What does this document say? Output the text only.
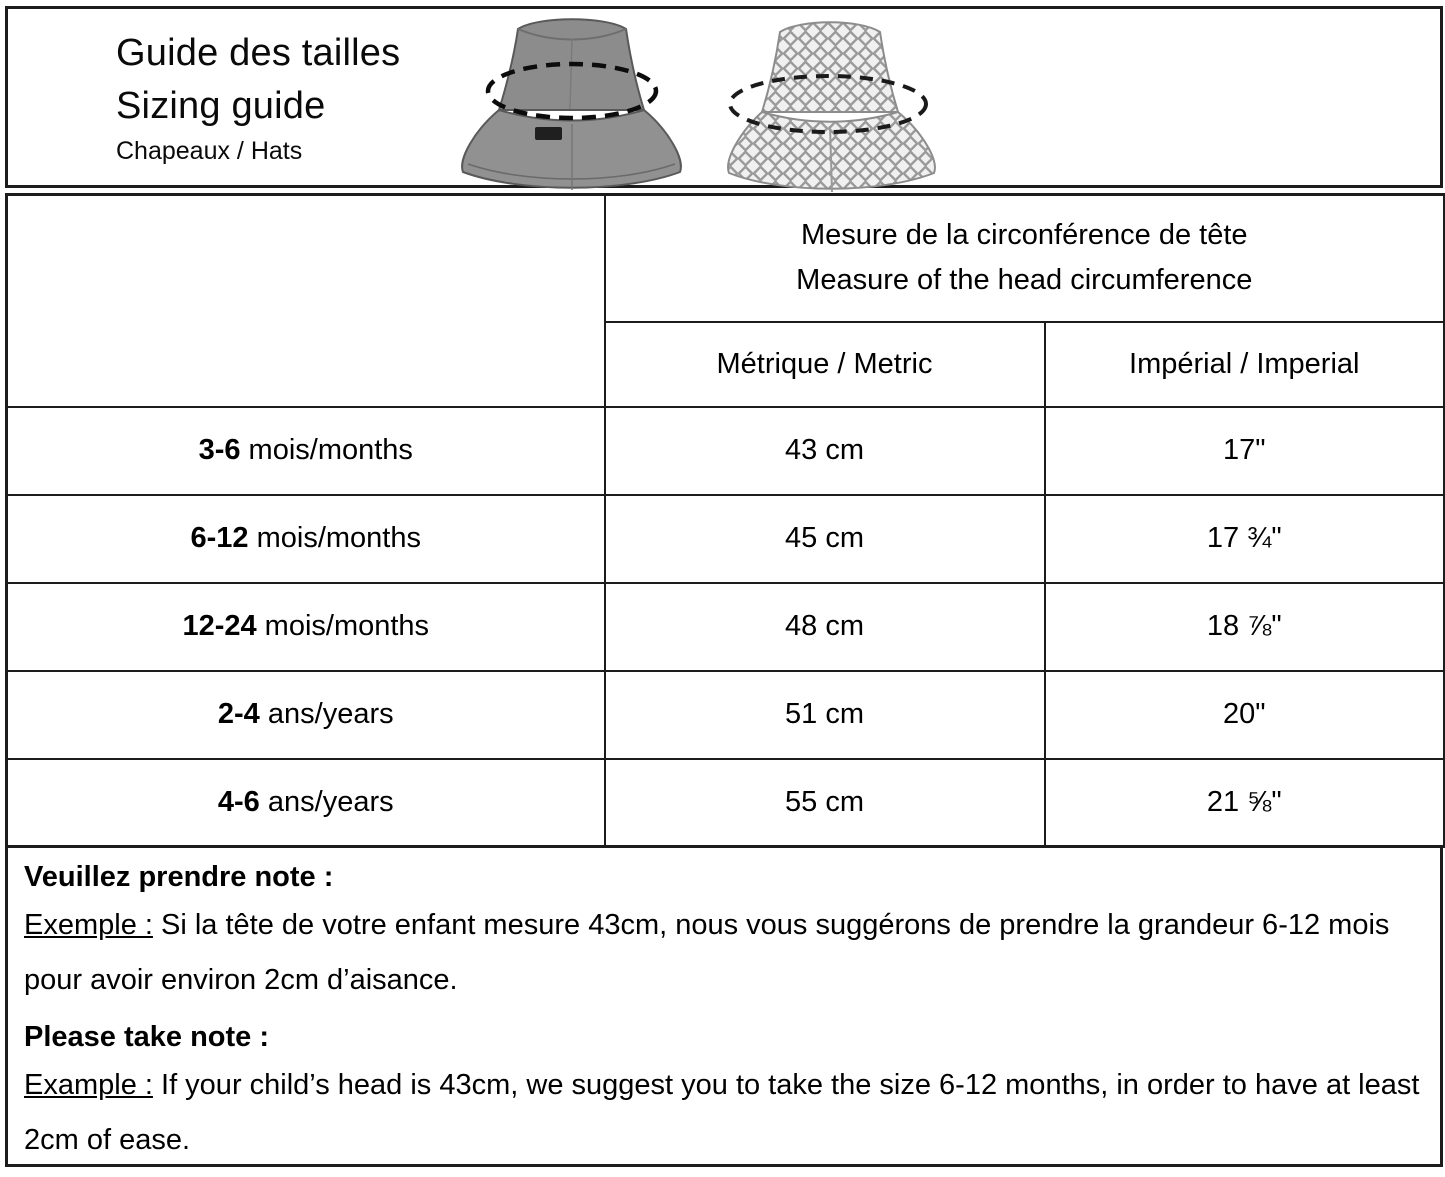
Guide des tailles
Sizing guide
Chapeaux / Hats
	Mesure de la circonférence de tête
Measure of the head circumference	
	Métrique / Metric	Impérial / Imperial
3-6 mois/months	43 cm	17"
6-12 mois/months	45 cm	17 ¾"
12-24 mois/months	48 cm	18 ⅞"
2-4 ans/years	51 cm	20"
4-6 ans/years	55 cm	21 ⅝"
Veuillez prendre note :
Exemple : Si la tête de votre enfant mesure 43cm, nous vous suggérons de prendre la grandeur 6-12 mois pour avoir environ 2cm d’aisance.
Please take note :
Example : If your child’s head is 43cm, we suggest you to take the size 6-12 months, in order to have at least 2cm of ease.
